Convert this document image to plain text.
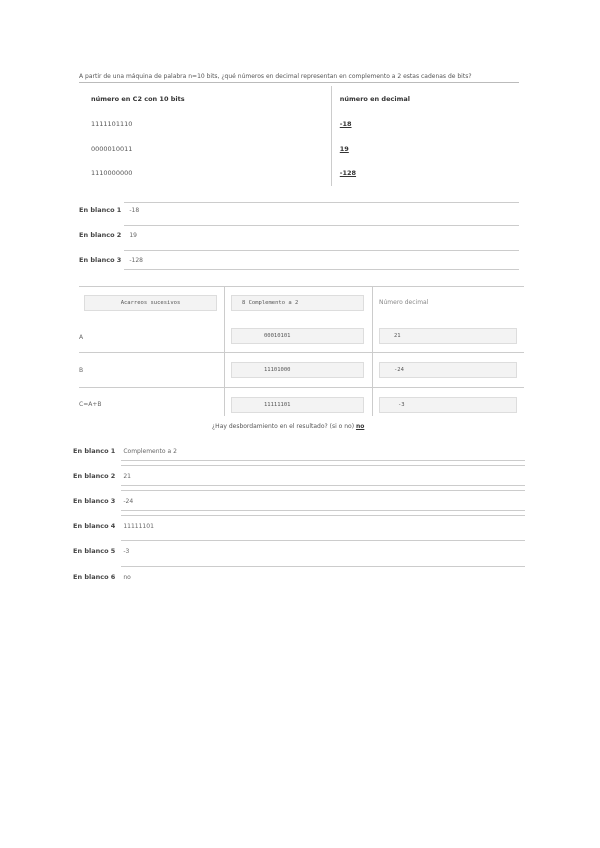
A partir de una máquina de palabra n=10 bits, ¿qué números en decimal representan en complemento a 2 estas cadenas de bits?
número en C2 con 10 bits	número en decimal
1111101110	-18
0000010011	19
1110000000	-128
En blanco 1 -18
En blanco 2 19
En blanco 3 -128
Acarreos sucesivos	8 Complemento a 2	Número decimal
A	00010101	21
B	11101000	-24
C=A+B	11111101	-3
¿Hay desbordamiento en el resultado? (si o no) no
En blanco 1 Complemento a 2
En blanco 2 21
En blanco 3 -24
En blanco 4 11111101
En blanco 5 -3
En blanco 6 no
